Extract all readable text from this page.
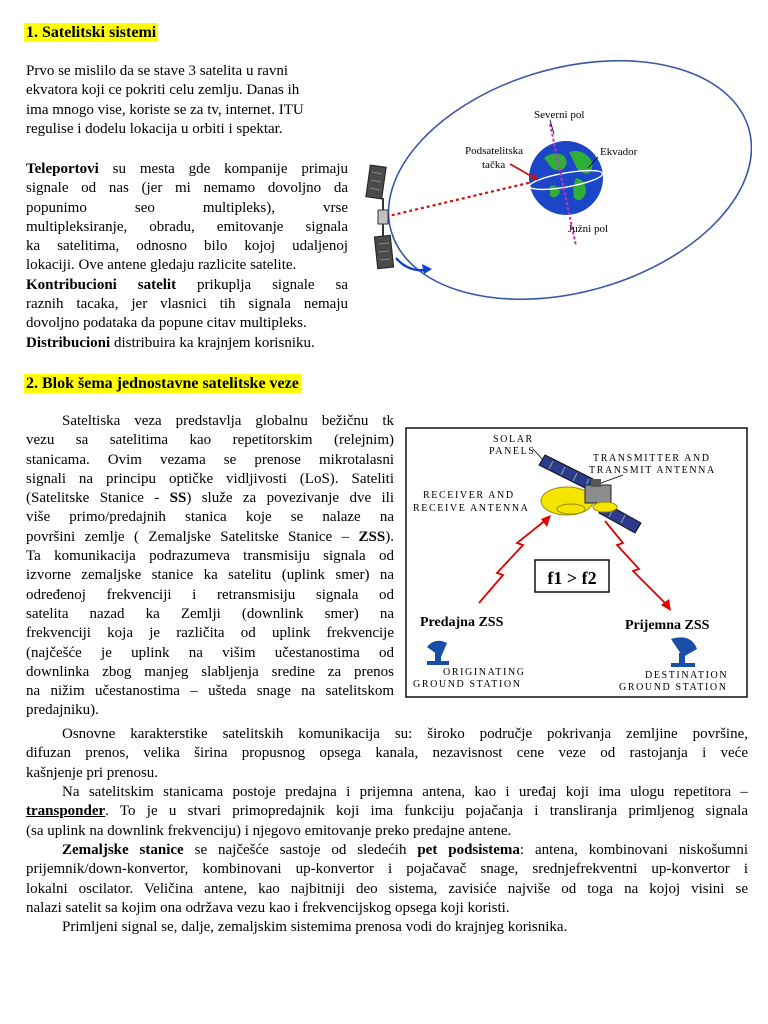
1. Satelitski sistemi
Prvo se mislilo da se stave 3 satelita u ravni
ekvatora koji ce pokriti celu zemlju. Danas ih
ima mnogo vise, koriste se za tv, internet. ITU
regulise i dodelu lokacija u orbiti i spektar.
Teleportovi su mesta gde kompanije primaju
signale od nas (jer mi nemamo dovoljno da
popunimo seo multipleks), vrse
multipleksiranje, obradu, emitovanje signala
ka satelitima, odnosno bilo kojoj udaljenoj
lokaciji. Ove antene gledaju razlicite satelite.
Kontribucioni satelit prikuplja signale sa
raznih tacaka, jer vlasnici tih signala nemaju
dovoljno podataka da popune citav multipleks.
Distribucioni distribuira ka krajnjem korisniku.
Severni pol
Podsatelitska
tačka
Ekvador
Južni pol
2. Blok šema jednostavne satelitske veze
Sateltiska veza predstavlja globalnu bežičnu tk
vezu sa satelitima kao repetitorskim (relejnim)
stanicama. Ovim vezama se prenose mikrotalasni
signali na principu optičke vidljivosti (LoS). Sateliti
(Satelitske Stanice - SS) služe za povezivanje dve ili
više primo/predajnih stanica koje se nalaze na
površini zemlje ( Zemaljske Satelitske Stanice – ZSS).
Ta komunikacija podrazumeva transmisiju signala od
izvorne zemaljske stanice ka satelitu (uplink smer) na
određenoj frekvenciji i retransmisiju signala od
satelita nazad ka Zemlji (downlink smer) na
frekvenciji koja je različita od uplink frekvencije
(najčešće je uplink na višim učestanostima od
downlinka zbog manjeg slabljenja sredine za prenos
na nižim učestanostima – ušteda snage na satelitskom
predajniku).
SOLAR
PANELS
TRANSMITTER AND
TRANSMIT ANTENNA
RECEIVER AND
RECEIVE ANTENNA
ORIGINATING
GROUND STATION
DESTINATION
GROUND STATION
f1 > f2
Predajna ZSS	Prijemna ZSS
Osnovne karakterstike satelitskih komunikacija su: široko područje pokrivanja zemljine površine,
difuzan prenos, velika širina propusnog opsega kanala, nezavisnost cene veze od rastojanja i veće
kašnjenje pri prenosu.
Na satelitskim stanicama postoje predajna i prijemna antena, kao i uređaj koji ima ulogu repetitora –
transponder. To je u stvari primopredajnik koji ima funkciju pojačanja i transliranja primljenog signala
(sa uplink na downlink frekvenciju) i njegovo emitovanje preko predajne antene.
Zemaljske stanice se najčešće sastoje od sledećih pet podsistema: antena, kombinovani niskošumni
prijemnik/down-konvertor, kombinovani up-konvertor i pojačavač snage, srednjefrekventni up-konvertor i
lokalni oscilator. Veličina antene, kao najbitniji deo sistema, zavisiće najviše od toga na kojoj visini se
nalazi satelit sa kojim ona održava vezu kao i frekvencijskog opsega koji koristi.
Primljeni signal se, dalje, zemaljskim sistemima prenosa vodi do krajnjeg korisnika.
